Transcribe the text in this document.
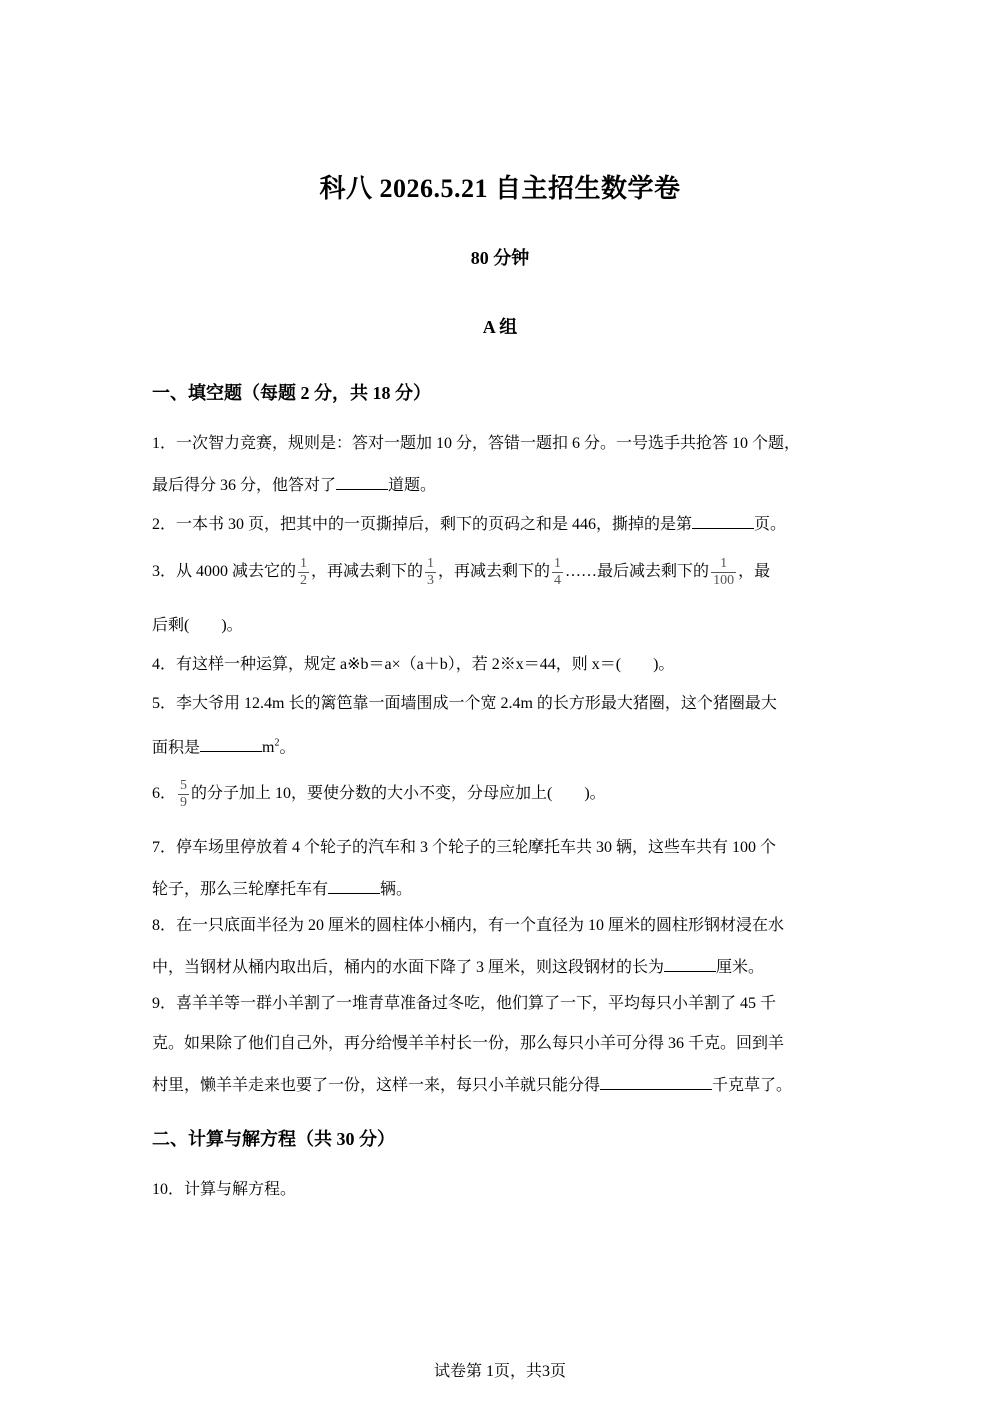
科八 2026.5.21 自主招生数学卷
80 分钟
A 组
一、填空题（每题 2 分，共 18 分）
1．一次智力竞赛，规则是：答对一题加 10 分，答错一题扣 6 分。一号选手共抢答 10 个题，
最后得分 36 分，他答对了	道题。
2．一本书 30 页，把其中的一页撕掉后，剩下的页码之和是 446，撕掉的是第	页。
3．从 4000 减去它的 $\frac{1}{2}$ ，再减去剩下的 $\frac{1}{3}$ ，再减去剩下的 $\frac{1}{4}$ ……最后减去剩下的 $\frac{1}{100}$ ，最
后剩(　　)。
4．有这样一种运算，规定 a※b＝a×（a＋b），若 2※x＝44，则 x＝(　　)。
5．李大爷用 12.4m 长的篱笆靠一面墙围成一个宽 2.4m 的长方形最大猪圈，这个猪圈最大
面积是	$m^2$。
6． $\frac{5}{9}$ 的分子加上 10，要使分数的大小不变，分母应加上(　　)。
7．停车场里停放着 4 个轮子的汽车和 3 个轮子的三轮摩托车共 30 辆，这些车共有 100 个
轮子，那么三轮摩托车有	辆。
8．在一只底面半径为 20 厘米的圆柱体小桶内，有一个直径为 10 厘米的圆柱形钢材浸在水
中，当钢材从桶内取出后，桶内的水面下降了 3 厘米，则这段钢材的长为	厘米。
9．喜羊羊等一群小羊割了一堆青草准备过冬吃，他们算了一下，平均每只小羊割了 45 千
克。如果除了他们自己外，再分给慢羊羊村长一份，那么每只小羊可分得 36 千克。回到羊
村里，懒羊羊走来也要了一份，这样一来，每只小羊就只能分得	千克草了。
二、计算与解方程（共 30 分）
10．计算与解方程。
试卷第 1页，共3页
